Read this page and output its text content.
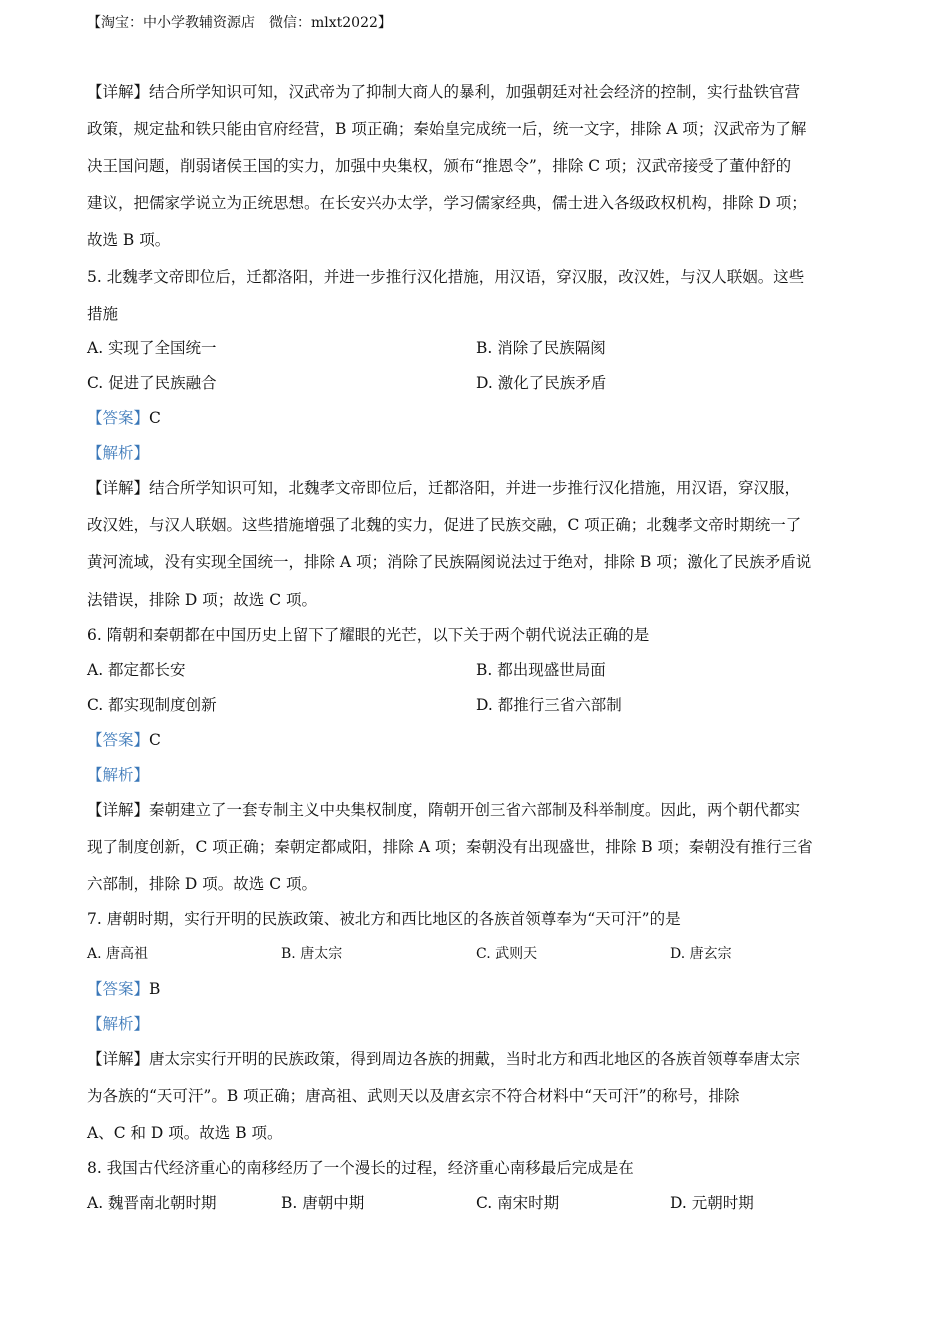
【淘宝：中小学教辅资源店　微信：mlxt2022】
【详解】结合所学知识可知，汉武帝为了抑制大商人的暴利，加强朝廷对社会经济的控制，实行盐铁官营
政策，规定盐和铁只能由官府经营，B 项正确；秦始皇完成统一后，统一文字，排除 A 项；汉武帝为了解
决王国问题，削弱诸侯王国的实力，加强中央集权，颁布“推恩令”，排除 C 项；汉武帝接受了董仲舒的
建议，把儒家学说立为正统思想。在长安兴办太学，学习儒家经典，儒士进入各级政权机构，排除 D 项；
故选 B 项。
5. 北魏孝文帝即位后，迁都洛阳，并进一步推行汉化措施，用汉语，穿汉服，改汉姓，与汉人联姻。这些
措施
A. 实现了全国统一	B. 消除了民族隔阂
C. 促进了民族融合	D. 激化了民族矛盾
【答案】C
【解析】
【详解】结合所学知识可知，北魏孝文帝即位后，迁都洛阳，并进一步推行汉化措施，用汉语，穿汉服，
改汉姓，与汉人联姻。这些措施增强了北魏的实力，促进了民族交融，C 项正确；北魏孝文帝时期统一了
黄河流域，没有实现全国统一，排除 A 项；消除了民族隔阂说法过于绝对，排除 B 项；激化了民族矛盾说
法错误，排除 D 项；故选 C 项。
6. 隋朝和秦朝都在中国历史上留下了耀眼的光芒，以下关于两个朝代说法正确的是
A. 都定都长安	B. 都出现盛世局面
C. 都实现制度创新	D. 都推行三省六部制
【答案】C
【解析】
【详解】秦朝建立了一套专制主义中央集权制度，隋朝开创三省六部制及科举制度。因此，两个朝代都实
现了制度创新，C 项正确；秦朝定都咸阳，排除 A 项；秦朝没有出现盛世，排除 B 项；秦朝没有推行三省
六部制，排除 D 项。故选 C 项。
7. 唐朝时期，实行开明的民族政策、被北方和西比地区的各族首领尊奉为“天可汗”的是
A. 唐高祖	B. 唐太宗	C. 武则天	D. 唐玄宗
【答案】B
【解析】
【详解】唐太宗实行开明的民族政策，得到周边各族的拥戴，当时北方和西北地区的各族首领尊奉唐太宗
为各族的“天可汗”。B 项正确；唐高祖、武则天以及唐玄宗不符合材料中“天可汗”的称号，排除
A、C 和 D 项。故选 B 项。
8. 我国古代经济重心的南移经历了一个漫长的过程，经济重心南移最后完成是在
A. 魏晋南北朝时期	B. 唐朝中期	C. 南宋时期	D. 元朝时期
